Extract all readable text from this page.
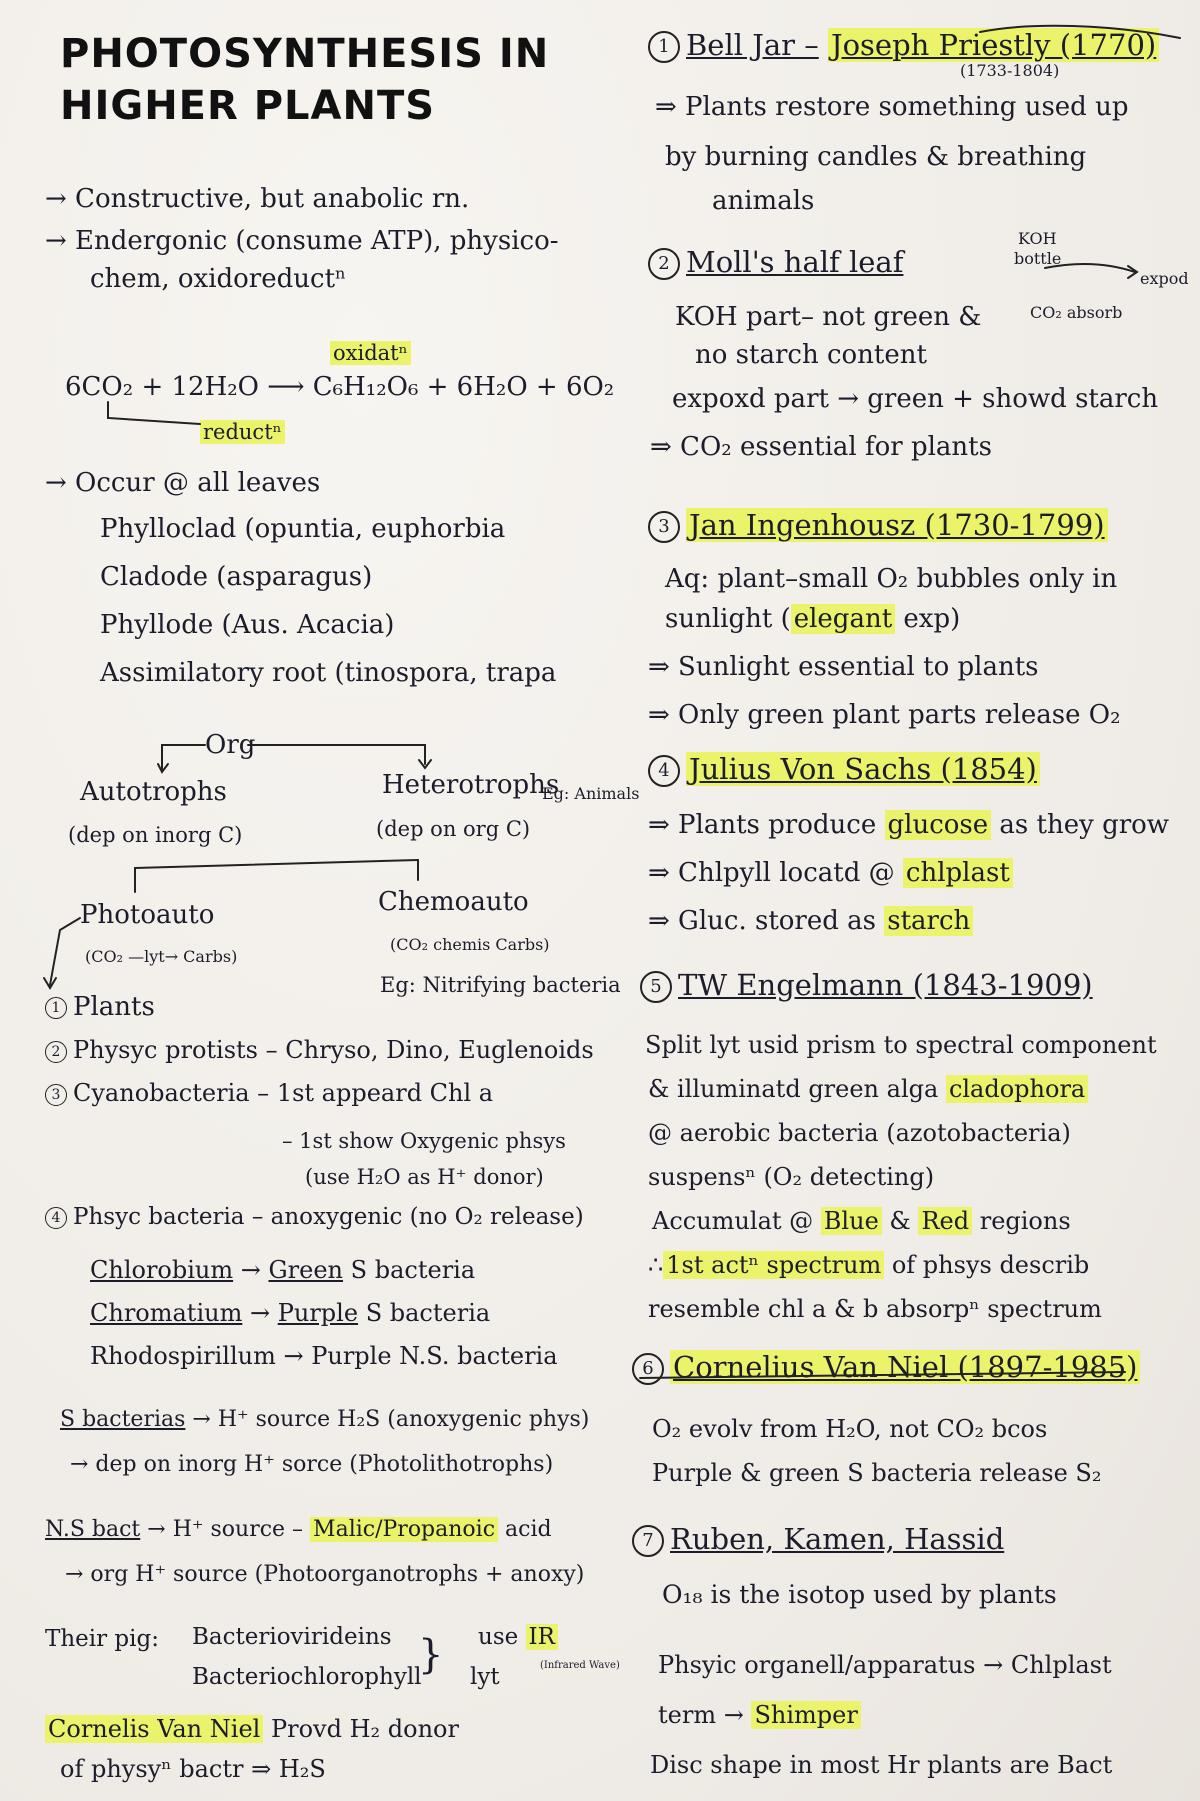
PHOTOSYNTHESIS IN
HIGHER PLANTS
→ Constructive, but anabolic rn.
→ Endergonic (consume ATP), physico-
chem, oxidoreductⁿ
oxidatⁿ
6CO₂ + 12H₂O ⟶ C₆H₁₂O₆ + 6H₂O + 6O₂
reductⁿ
→ Occur @ all leaves
Phylloclad (opuntia, euphorbia
Cladode (asparagus)
Phyllode (Aus. Acacia)
Assimilatory root (tinospora, trapa
Org
Autotrophs
(dep on inorg C)
Heterotrophs
Eg: Animals
(dep on org C)
Photoauto
(CO₂ —lyt→ Carbs)
Chemoauto
(CO₂ chemis Carbs)
Eg: Nitrifying bacteria
1 Plants
2 Physyc protists – Chryso, Dino, Euglenoids
3 Cyanobacteria – 1st appeard Chl a
– 1st show Oxygenic phsys
(use H₂O as H⁺ donor)
4 Phsyc bacteria – anoxygenic (no O₂ release)
Chlorobium → Green S bacteria
Chromatium → Purple S bacteria
Rhodospirillum → Purple N.S. bacteria
S bacterias → H⁺ source H₂S (anoxygenic phys)
→ dep on inorg H⁺ sorce (Photolithotrophs)
N.S bact → H⁺ source – Malic/Propanoic acid
→ org H⁺ source (Photoorganotrophs + anoxy)
Their pig: Bacteriovirideins
Bacteriochlorophyll
} use IR
lyt	(Infrared Wave)
Cornelis Van Niel Provd H₂ donor
of physyⁿ bactr ⇒ H₂S
1 Bell Jar – Joseph Priestly (1770)
(1733-1804)
⇒ Plants restore something used up
by burning candles & breathing
animals
2 Moll's half leaf
KOH
bottle
expod
CO₂ absorb
KOH part– not green &
no starch content
expoxd part → green + showd starch
⇒ CO₂ essential for plants
3 Jan Ingenhousz (1730-1799)
Aq: plant–small O₂ bubbles only in
sunlight ( elegant exp)
⇒ Sunlight essential to plants
⇒ Only green plant parts release O₂
4 Julius Von Sachs (1854)
⇒ Plants produce glucose as they grow
⇒ Chlpyll locatd @ chlplast
⇒ Gluc. stored as starch
5 TW Engelmann (1843-1909)
Split lyt usid prism to spectral component
& illuminatd green alga cladophora
@ aerobic bacteria (azotobacteria)
suspensⁿ (O₂ detecting)
Accumulat @ Blue & Red regions
∴ 1st actⁿ spectrum of phsys describ
resemble chl a & b absorpⁿ spectrum
6 Cornelius Van Niel (1897-1985)
O₂ evolv from H₂O, not CO₂ bcos
Purple & green S bacteria release S₂
7 Ruben, Kamen, Hassid
O₁₈ is the isotop used by plants
Phsyic organell/apparatus → Chlplast
term → Shimper
Disc shape in most Hr plants are Bact
